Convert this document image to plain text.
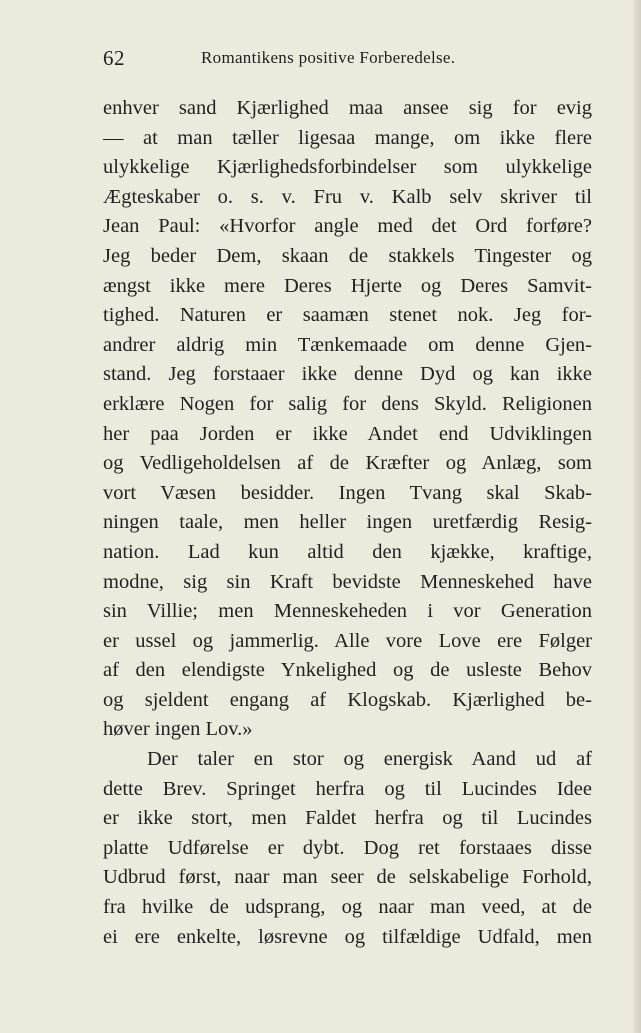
62	Romantikens positive Forberedelse.
enhver sand Kjærlighed maa ansee sig for evig
— at man tæller ligesaa mange, om ikke flere
ulykkelige Kjærlighedsforbindelser som ulykkelige
Ægteskaber o. s. v. Fru v. Kalb selv skriver til
Jean Paul: «Hvorfor angle med det Ord forføre?
Jeg beder Dem, skaan de stakkels Tingester og
ængst ikke mere Deres Hjerte og Deres Samvit-
tighed. Naturen er saamæn stenet nok. Jeg for-
andrer aldrig min Tænkemaade om denne Gjen-
stand. Jeg forstaaer ikke denne Dyd og kan ikke
erklære Nogen for salig for dens Skyld. Religionen
her paa Jorden er ikke Andet end Udviklingen
og Vedligeholdelsen af de Kræfter og Anlæg, som
vort Væsen besidder. Ingen Tvang skal Skab-
ningen taale, men heller ingen uretfærdig Resig-
nation. Lad kun altid den kjække, kraftige,
modne, sig sin Kraft bevidste Menneskehed have
sin Villie; men Menneskeheden i vor Generation
er ussel og jammerlig. Alle vore Love ere Følger
af den elendigste Ynkelighed og de usleste Behov
og sjeldent engang af Klogskab. Kjærlighed be-
høver ingen Lov.»
Der taler en stor og energisk Aand ud af
dette Brev. Springet herfra og til Lucindes Idee
er ikke stort, men Faldet herfra og til Lucindes
platte Udførelse er dybt. Dog ret forstaaes disse
Udbrud først, naar man seer de selskabelige Forhold,
fra hvilke de udsprang, og naar man veed, at de
ei ere enkelte, løsrevne og tilfældige Udfald, men
